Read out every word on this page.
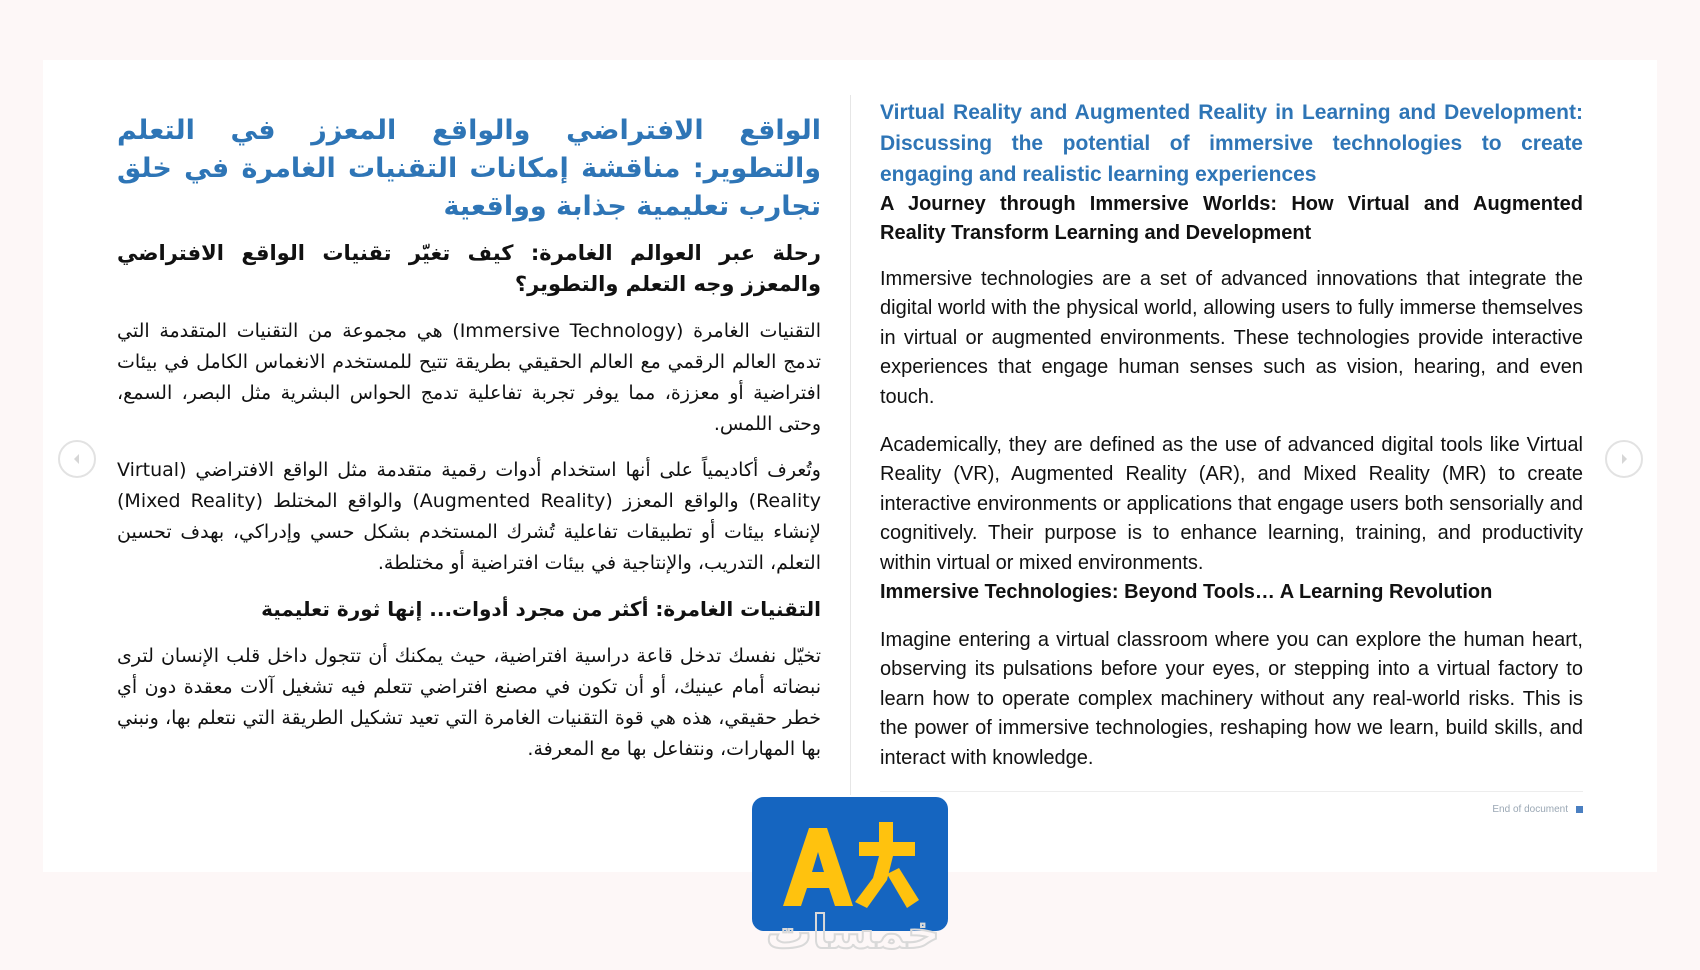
الواقع الافتراضي والواقع المعزز في التعلم والتطوير: مناقشة إمكانات التقنيات الغامرة في خلق تجارب تعليمية جذابة وواقعية
رحلة عبر العوالم الغامرة: كيف تغيّر تقنيات الواقع الافتراضي والمعزز وجه التعلم والتطوير؟

التقنيات الغامرة (Immersive Technology) هي مجموعة من التقنيات المتقدمة التي تدمج العالم الرقمي مع العالم الحقيقي بطريقة تتيح للمستخدم الانغماس الكامل في بيئات افتراضية أو معززة، مما يوفر تجربة تفاعلية تدمج الحواس البشرية مثل البصر، السمع، وحتى اللمس.

وتُعرف أكاديمياً على أنها استخدام أدوات رقمية متقدمة مثل الواقع الافتراضي (Virtual Reality) والواقع المعزز (Augmented Reality) والواقع المختلط (Mixed Reality) لإنشاء بيئات أو تطبيقات تفاعلية تُشرك المستخدم بشكل حسي وإدراكي، بهدف تحسين التعلم، التدريب، والإنتاجية في بيئات افتراضية أو مختلطة.

التقنيات الغامرة: أكثر من مجرد أدوات... إنها ثورة تعليمية

تخيّل نفسك تدخل قاعة دراسية افتراضية، حيث يمكنك أن تتجول داخل قلب الإنسان لترى نبضاته أمام عينيك، أو أن تكون في مصنع افتراضي تتعلم فيه تشغيل آلات معقدة دون أي خطر حقيقي، هذه هي قوة التقنيات الغامرة التي تعيد تشكيل الطريقة التي نتعلم بها، ونبني بها المهارات، ونتفاعل بها مع المعرفة.

Virtual Reality and Augmented Reality in Learning and Development: Discussing the potential of immersive technologies to create engaging and realistic learning experiences
A Journey through Immersive Worlds: How Virtual and Augmented Reality Transform Learning and Development

Immersive technologies are a set of advanced innovations that integrate the digital world with the physical world, allowing users to fully immerse themselves in virtual or augmented environments. These technologies provide interactive experiences that engage human senses such as vision, hearing, and even touch.

Academically, they are defined as the use of advanced digital tools like Virtual Reality (VR), Augmented Reality (AR), and Mixed Reality (MR) to create interactive environments or applications that engage users both sensorially and cognitively. Their purpose is to enhance learning, training, and productivity within virtual or mixed environments.

Immersive Technologies: Beyond Tools… A Learning Revolution

Imagine entering a virtual classroom where you can explore the human heart, observing its pulsations before your eyes, or stepping into a virtual factory to learn how to operate complex machinery without any real-world risks. This is the power of immersive technologies, reshaping how we learn, build skills, and interact with knowledge.

End of document
خمسات
